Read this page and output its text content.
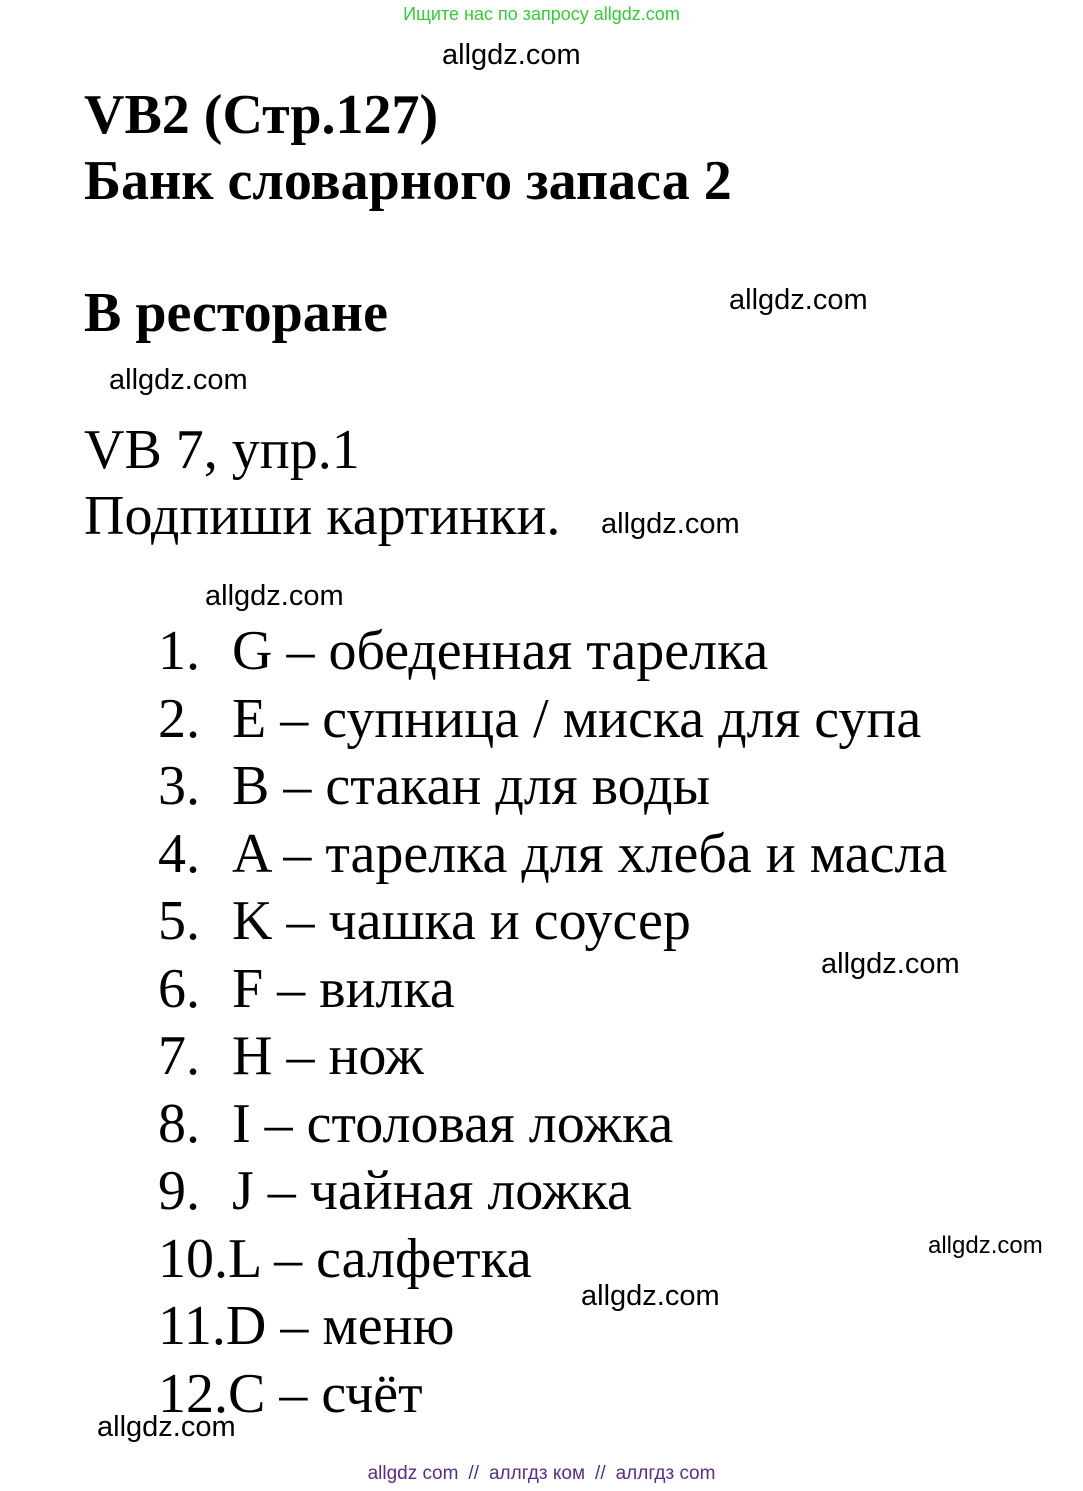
Ищите нас по запросу allgdz.com
allgdz.com
VB2 (Стр.127)
Банк словарного запаса 2
В ресторане	allgdz.com
allgdz.com
VB 7, упр.1
Подпиши картинки. allgdz.com
allgdz.com
1. G – обеденная тарелка
2. E – супница / миска для супа
3. B – стакан для воды
4. A – тарелка для хлеба и масла
5. K – чашка и соусер
6. F – вилка
7. H – нож
8. I – столовая ложка
9. J – чайная ложка
10.L – салфетка
11.D – меню
12.C – счёт
allgdz.com
allgdz.com
allgdz.com
allgdz.com
allgdz com // аллгдз ком // аллгдз com
